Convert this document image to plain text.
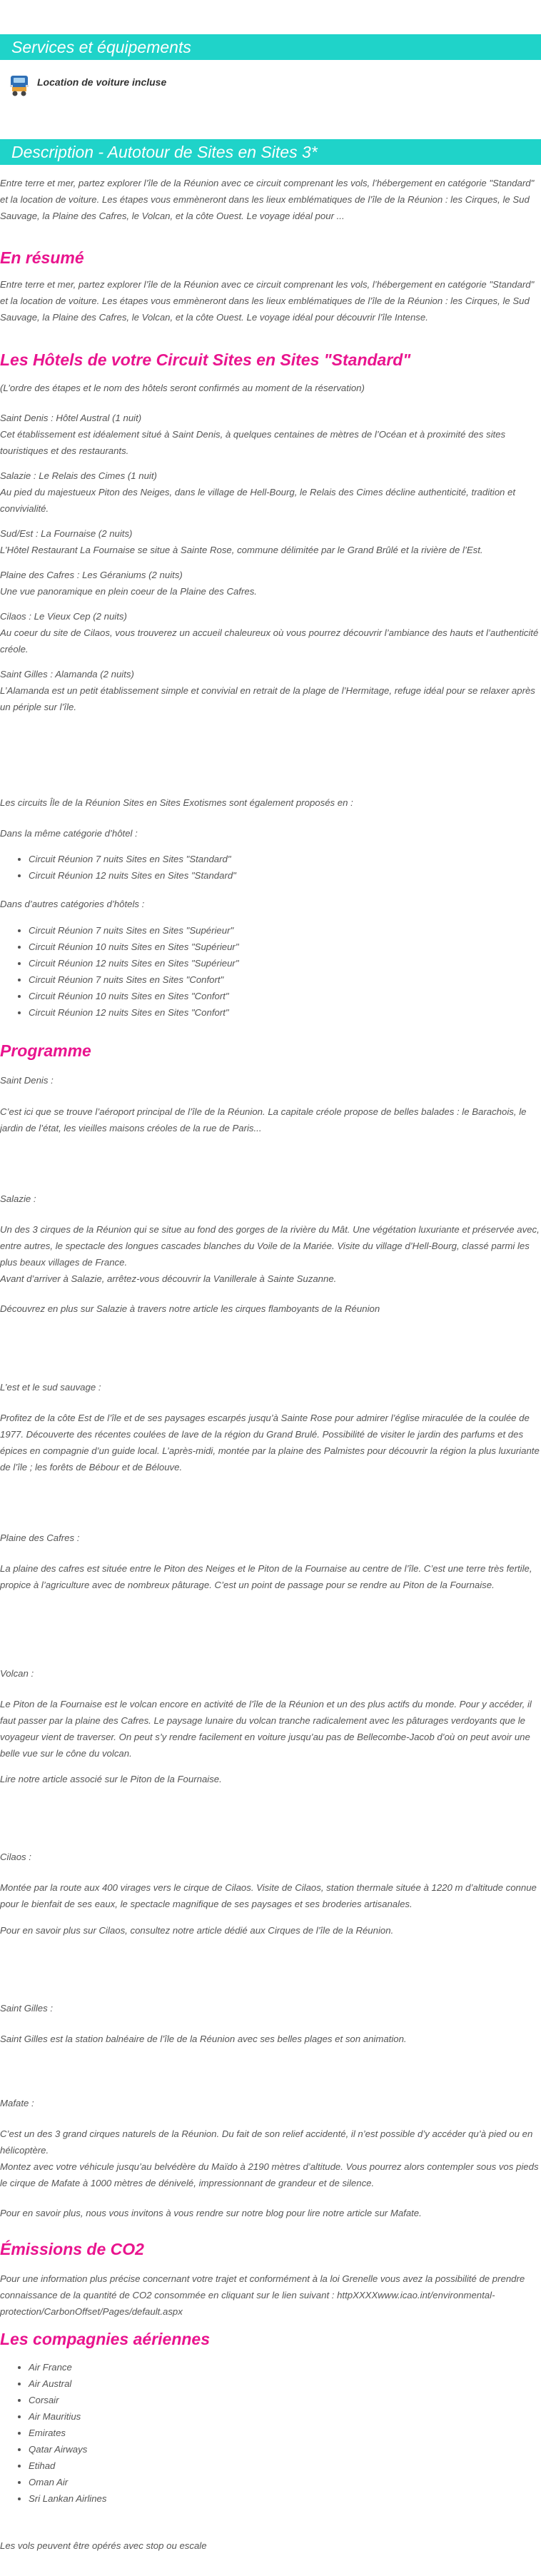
Services et équipements
Location de voiture incluse
Description - Autotour de Sites en Sites 3*
Entre terre et mer, partez explorer l’île de la Réunion avec ce circuit comprenant les vols, l’hébergement en catégorie "Standard" et la location de voiture. Les étapes vous emmèneront dans les lieux emblématiques de l’île de la Réunion : les Cirques, le Sud Sauvage, la Plaine des Cafres, le Volcan, et la côte Ouest. Le voyage idéal pour ...
En résumé
Entre terre et mer, partez explorer l’île de la Réunion avec ce circuit comprenant les vols, l’hébergement en catégorie "Standard" et la location de voiture. Les étapes vous emmèneront dans les lieux emblématiques de l’île de la Réunion : les Cirques, le Sud Sauvage, la Plaine des Cafres, le Volcan, et la côte Ouest. Le voyage idéal pour découvrir l’île Intense.
Les Hôtels de votre Circuit Sites en Sites "Standard"
(L’ordre des étapes et le nom des hôtels seront confirmés au moment de la réservation)

Saint Denis : Hôtel Austral (1 nuit)

Cet établissement est idéalement situé à Saint Denis, à quelques centaines de mètres de l’Océan et à proximité des sites touristiques et des restaurants.

Salazie : Le Relais des Cimes (1 nuit)

Au pied du majestueux Piton des Neiges, dans le village de Hell-Bourg, le Relais des Cimes décline authenticité, tradition et convivialité.

Sud/Est : La Fournaise (2 nuits)

L’Hôtel Restaurant La Fournaise se situe à Sainte Rose, commune délimitée par le Grand Brûlé et la rivière de l’Est.

Plaine des Cafres : Les Géraniums (2 nuits)

Une vue panoramique en plein coeur de la Plaine des Cafres.

Cilaos : Le Vieux Cep (2 nuits)

Au coeur du site de Cilaos, vous trouverez un accueil chaleureux où vous pourrez découvrir l’ambiance des hauts et l’authenticité créole.

Saint Gilles : Alamanda (2 nuits)

L’Alamanda est un petit établissement simple et convivial en retrait de la plage de l’Hermitage, refuge idéal pour se relaxer après un périple sur l’île.

Les circuits Île de la Réunion Sites en Sites Exotismes sont également proposés en :
Dans la même catégorie d’hôtel :
• Circuit Réunion 7 nuits Sites en Sites "Standard"
• Circuit Réunion 12 nuits Sites en Sites "Standard"
Dans d’autres catégories d’hôtels :
• Circuit Réunion 7 nuits Sites en Sites "Supérieur"
• Circuit Réunion 10 nuits Sites en Sites "Supérieur"
• Circuit Réunion 12 nuits Sites en Sites "Supérieur"
• Circuit Réunion 7 nuits Sites en Sites "Confort"
• Circuit Réunion 10 nuits Sites en Sites "Confort"
• Circuit Réunion 12 nuits Sites en Sites "Confort"
Programme
Saint Denis :
C’est ici que se trouve l’aéroport principal de l’île de la Réunion. La capitale créole propose de belles balades : le Barachois, le jardin de l’état, les vieilles maisons créoles de la rue de Paris...
Salazie :

Un des 3 cirques de la Réunion qui se situe au fond des gorges de la rivière du Mât. Une végétation luxuriante et préservée avec, entre autres, le spectacle des longues cascades blanches du Voile de la Mariée. Visite du village d’Hell-Bourg, classé parmi les plus beaux villages de France.

Avant d’arriver à Salazie, arrêtez-vous découvrir la Vanillerale à Sainte Suzanne.

Découvrez en plus sur Salazie à travers notre article les cirques flamboyants de la Réunion
L’est et le sud sauvage :
Profitez de la côte Est de l’île et de ses paysages escarpés jusqu’à Sainte Rose pour admirer l’église miraculée de la coulée de 1977. Découverte des récentes coulées de lave de la région du Grand Brulé. Possibilité de visiter le jardin des parfums et des épices en compagnie d’un guide local. L’après-midi, montée par la plaine des Palmistes pour découvrir la région la plus luxuriante de l’île ; les forêts de Bébour et de Bélouve.
Plaine des Cafres :
La plaine des cafres est située entre le Piton des Neiges et le Piton de la Fournaise au centre de l’île. C’est une terre très fertile, propice à l’agriculture avec de nombreux pâturage. C’est un point de passage pour se rendre au Piton de la Fournaise.
Volcan :
Le Piton de la Fournaise est le volcan encore en activité de l’île de la Réunion et un des plus actifs du monde. Pour y accéder, il faut passer par la plaine des Cafres. Le paysage lunaire du volcan tranche radicalement avec les pâturages verdoyants que le voyageur vient de traverser. On peut s’y rendre facilement en voiture jusqu’au pas de Bellecombe-Jacob d’où on peut avoir une belle vue sur le cône du volcan.
Lire notre article associé sur le Piton de la Fournaise.
Cilaos :
Montée par la route aux 400 virages vers le cirque de Cilaos. Visite de Cilaos, station thermale située à 1220 m d’altitude connue pour le bienfait de ses eaux, le spectacle magnifique de ses paysages et ses broderies artisanales.
Pour en savoir plus sur Cilaos, consultez notre article dédié aux Cirques de l’île de la Réunion.
Saint Gilles :
Saint Gilles est la station balnéaire de l’île de la Réunion avec ses belles plages et son animation.
Mafate :

C’est un des 3 grand cirques naturels de la Réunion. Du fait de son relief accidenté, il n’est possible d’y accéder qu’à pied ou en hélicoptère.

Montez avec votre véhicule jusqu’au belvédère du Maïdo à 2190 mètres d’altitude. Vous pourrez alors contempler sous vos pieds le cirque de Mafate à 1000 mètres de dénivelé, impressionnant de grandeur et de silence.

Pour en savoir plus, nous vous invitons à vous rendre sur notre blog pour lire notre article sur Mafate.
Émissions de CO2
Pour une information plus précise concernant votre trajet et conformément à la loi Grenelle vous avez la possibilité de prendre connaissance de la quantité de CO2 consommée en cliquant sur le lien suivant : httpXXXXwww.icao.int/environmental-protection/CarbonOffset/Pages/default.aspx
Les compagnies aériennes
• Air France
• Air Austral
• Corsair
• Air Mauritius
• Emirates
• Qatar Airways
• Etihad
• Oman Air
• Sri Lankan Airlines
Les vols peuvent être opérés avec stop ou escale
